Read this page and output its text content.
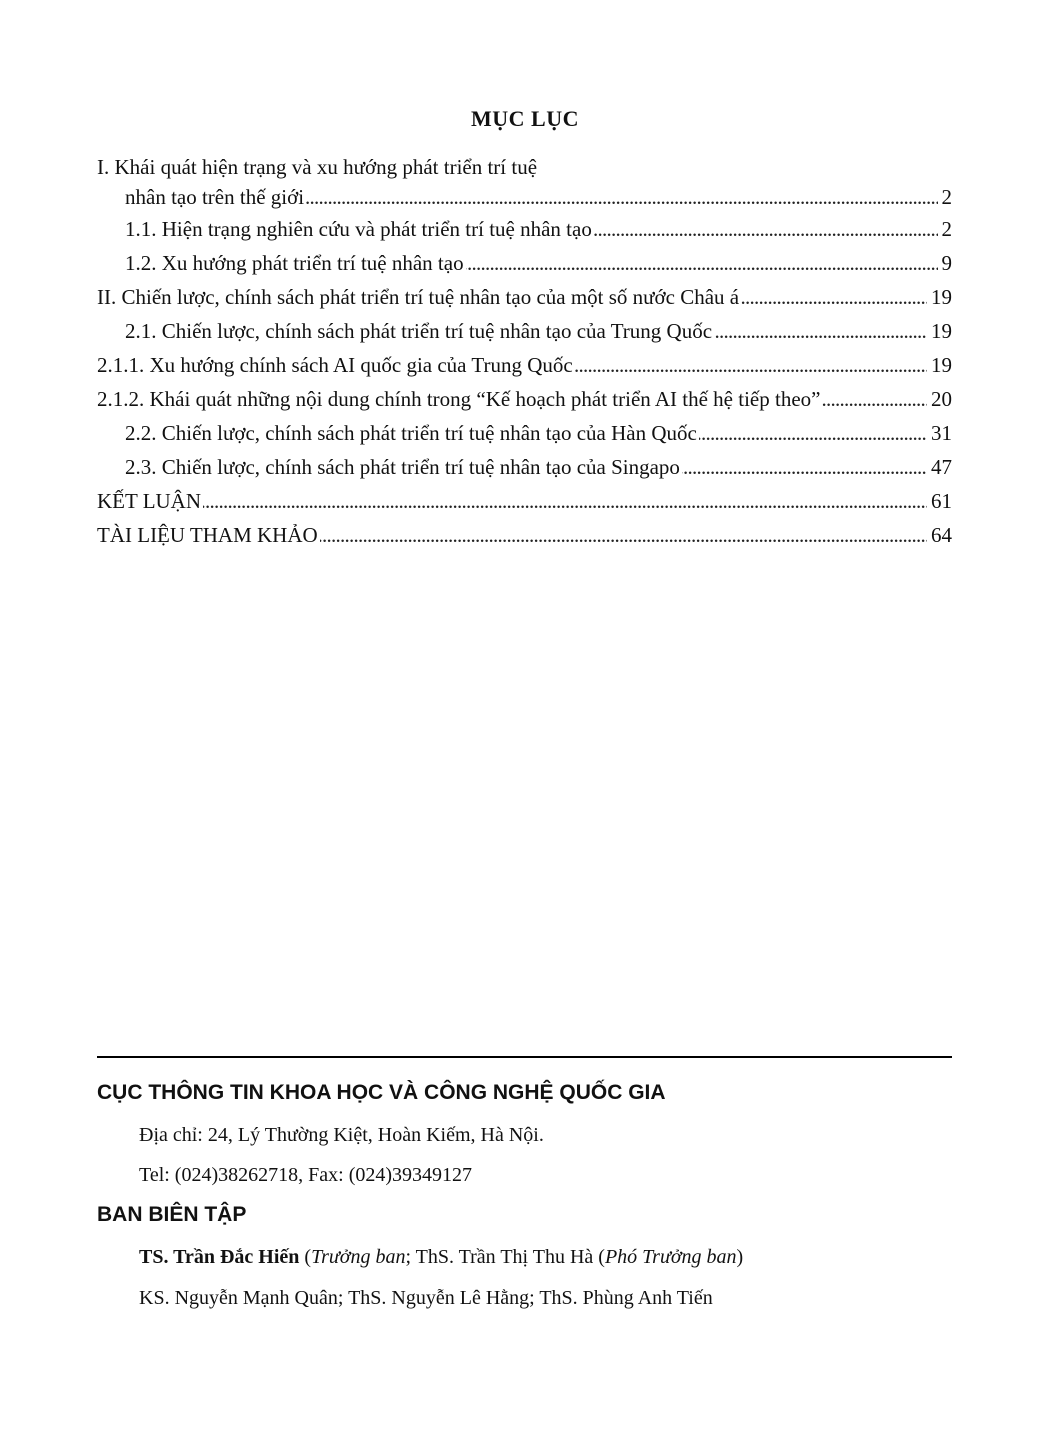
MỤC LỤC
I. Khái quát hiện trạng và xu hướng phát triển trí tuệ
. . .
nhân tạo trên thế giới	2
. . .
1.1. Hiện trạng nghiên cứu và phát triển trí tuệ nhân tạo	2
. . .
1.2. Xu hướng phát triển trí tuệ nhân tạo	9
. . .
II. Chiến lược, chính sách phát triển trí tuệ nhân tạo của một số nước Châu á	19
. . .
2.1. Chiến lược, chính sách phát triển trí tuệ nhân tạo của Trung Quốc	19
. . .
2.1.1. Xu hướng chính sách AI quốc gia của Trung Quốc	19
. . .
2.1.2. Khái quát những nội dung chính trong “Kế hoạch phát triển AI thế hệ tiếp theo”	20
. . .
2.2. Chiến lược, chính sách phát triển trí tuệ nhân tạo của Hàn Quốc	31
. . .
2.3. Chiến lược, chính sách phát triển trí tuệ nhân tạo của Singapo	47
. . .
KẾT LUẬN	61
. . .
TÀI LIỆU THAM KHẢO	64
CỤC THÔNG TIN KHOA HỌC VÀ CÔNG NGHỆ QUỐC GIA
Địa chỉ: 24, Lý Thường Kiệt, Hoàn Kiếm, Hà Nội.
Tel: (024)38262718, Fax: (024)39349127
BAN BIÊN TẬP
TS. Trần Đắc Hiến (Trưởng ban; ThS. Trần Thị Thu Hà (Phó Trưởng ban)
KS. Nguyễn Mạnh Quân; ThS. Nguyễn Lê Hằng; ThS. Phùng Anh Tiến
